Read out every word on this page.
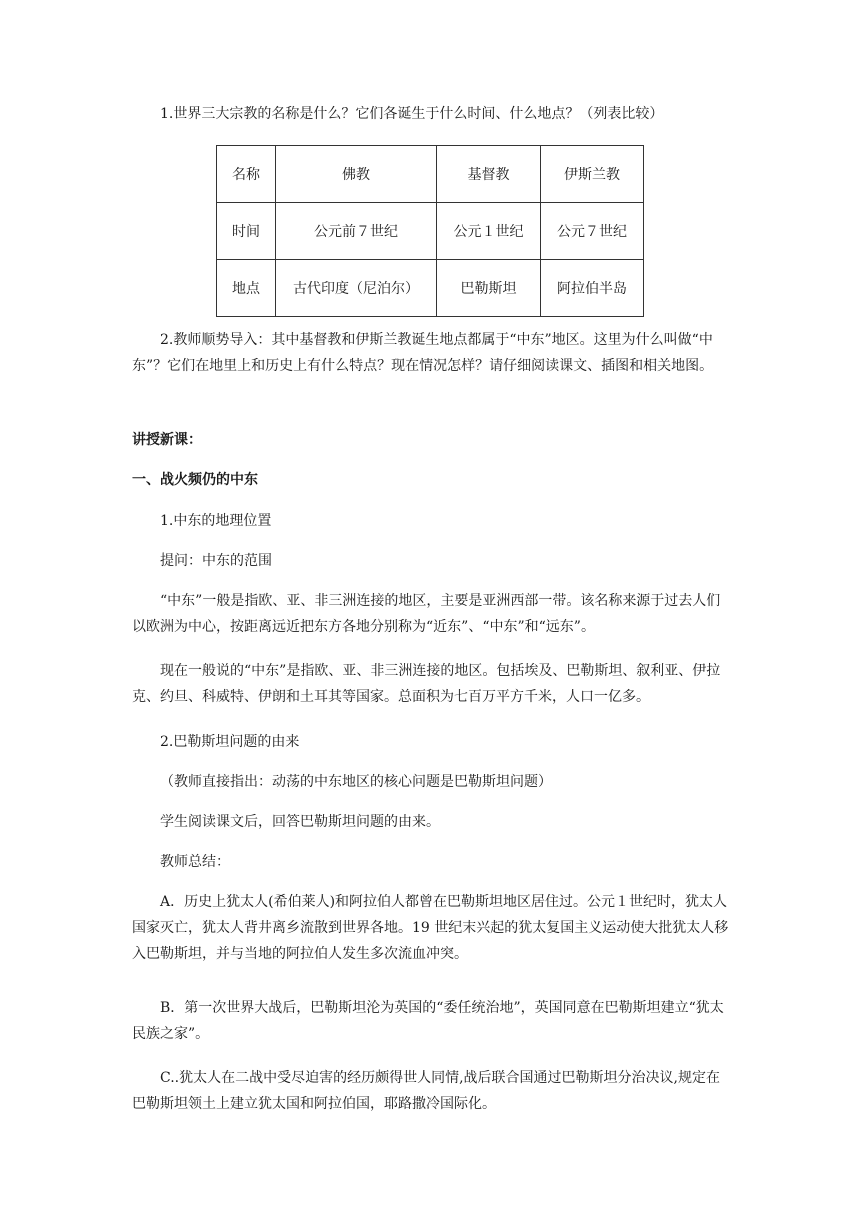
1.世界三大宗教的名称是什么？它们各诞生于什么时间、什么地点？（列表比较）

名称	佛教	基督教	伊斯兰教
时间	公元前７世纪	公元１世纪	公元７世纪
地点	古代印度（尼泊尔）	巴勒斯坦	阿拉伯半岛

2.教师顺势导入：其中基督教和伊斯兰教诞生地点都属于“中东”地区。这里为什么叫做“中东”？它们在地里上和历史上有什么特点？现在情况怎样？请仔细阅读课文、插图和相关地图。

讲授新课：

一、战火频仍的中东

1.中东的地理位置

提问：中东的范围

“中东”一般是指欧、亚、非三洲连接的地区，主要是亚洲西部一带。该名称来源于过去人们以欧洲为中心，按距离远近把东方各地分别称为“近东”、“中东”和“远东”。

现在一般说的“中东”是指欧、亚、非三洲连接的地区。包括埃及、巴勒斯坦、叙利亚、伊拉克、约旦、科威特、伊朗和土耳其等国家。总面积为七百万平方千米，人口一亿多。

2.巴勒斯坦问题的由来

（教师直接指出：动荡的中东地区的核心问题是巴勒斯坦问题）

学生阅读课文后，回答巴勒斯坦问题的由来。

教师总结：

A．历史上犹太人(希伯莱人)和阿拉伯人都曾在巴勒斯坦地区居住过。公元１世纪时，犹太人国家灭亡，犹太人背井离乡流散到世界各地。19 世纪末兴起的犹太复国主义运动使大批犹太人移入巴勒斯坦，并与当地的阿拉伯人发生多次流血冲突。

B．第一次世界大战后，巴勒斯坦沦为英国的“委任统治地”，英国同意在巴勒斯坦建立“犹太民族之家”。

C..犹太人在二战中受尽迫害的经历颇得世人同情,战后联合国通过巴勒斯坦分治决议,规定在巴勒斯坦领土上建立犹太国和阿拉伯国，耶路撒冷国际化。
